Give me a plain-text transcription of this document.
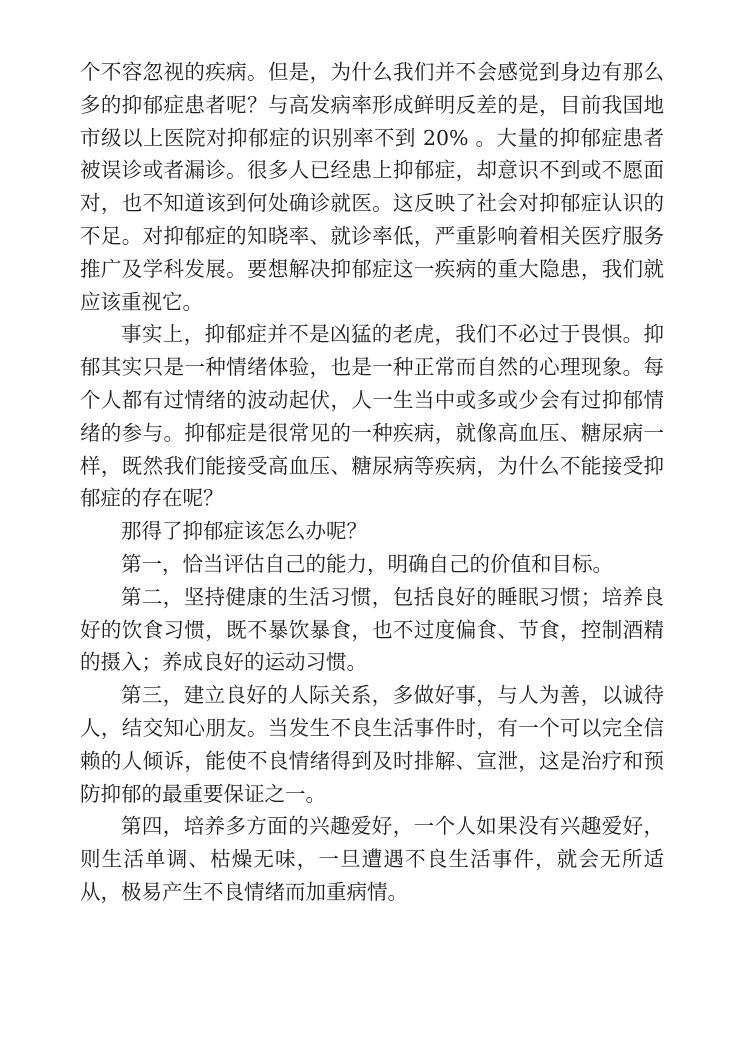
个不容忽视的疾病。但是，为什么我们并不会感觉到身边有那么多的抑郁症患者呢？与高发病率形成鲜明反差的是，目前我国地市级以上医院对抑郁症的识别率不到 20% 。大量的抑郁症患者被误诊或者漏诊。很多人已经患上抑郁症，却意识不到或不愿面对，也不知道该到何处确诊就医。这反映了社会对抑郁症认识的不足。对抑郁症的知晓率、就诊率低，严重影响着相关医疗服务推广及学科发展。要想解决抑郁症这一疾病的重大隐患，我们就应该重视它。

事实上，抑郁症并不是凶猛的老虎，我们不必过于畏惧。抑郁其实只是一种情绪体验，也是一种正常而自然的心理现象。每个人都有过情绪的波动起伏，人一生当中或多或少会有过抑郁情绪的参与。抑郁症是很常见的一种疾病，就像高血压、糖尿病一样，既然我们能接受高血压、糖尿病等疾病，为什么不能接受抑郁症的存在呢？

那得了抑郁症该怎么办呢？

第一，恰当评估自己的能力，明确自己的价值和目标。

第二，坚持健康的生活习惯，包括良好的睡眠习惯；培养良好的饮食习惯，既不暴饮暴食，也不过度偏食、节食，控制酒精的摄入；养成良好的运动习惯。

第三，建立良好的人际关系，多做好事，与人为善，以诚待人，结交知心朋友。当发生不良生活事件时，有一个可以完全信赖的人倾诉，能使不良情绪得到及时排解、宣泄，这是治疗和预防抑郁的最重要保证之一。

第四，培养多方面的兴趣爱好，一个人如果没有兴趣爱好，则生活单调、枯燥无味，一旦遭遇不良生活事件，就会无所适从，极易产生不良情绪而加重病情。
